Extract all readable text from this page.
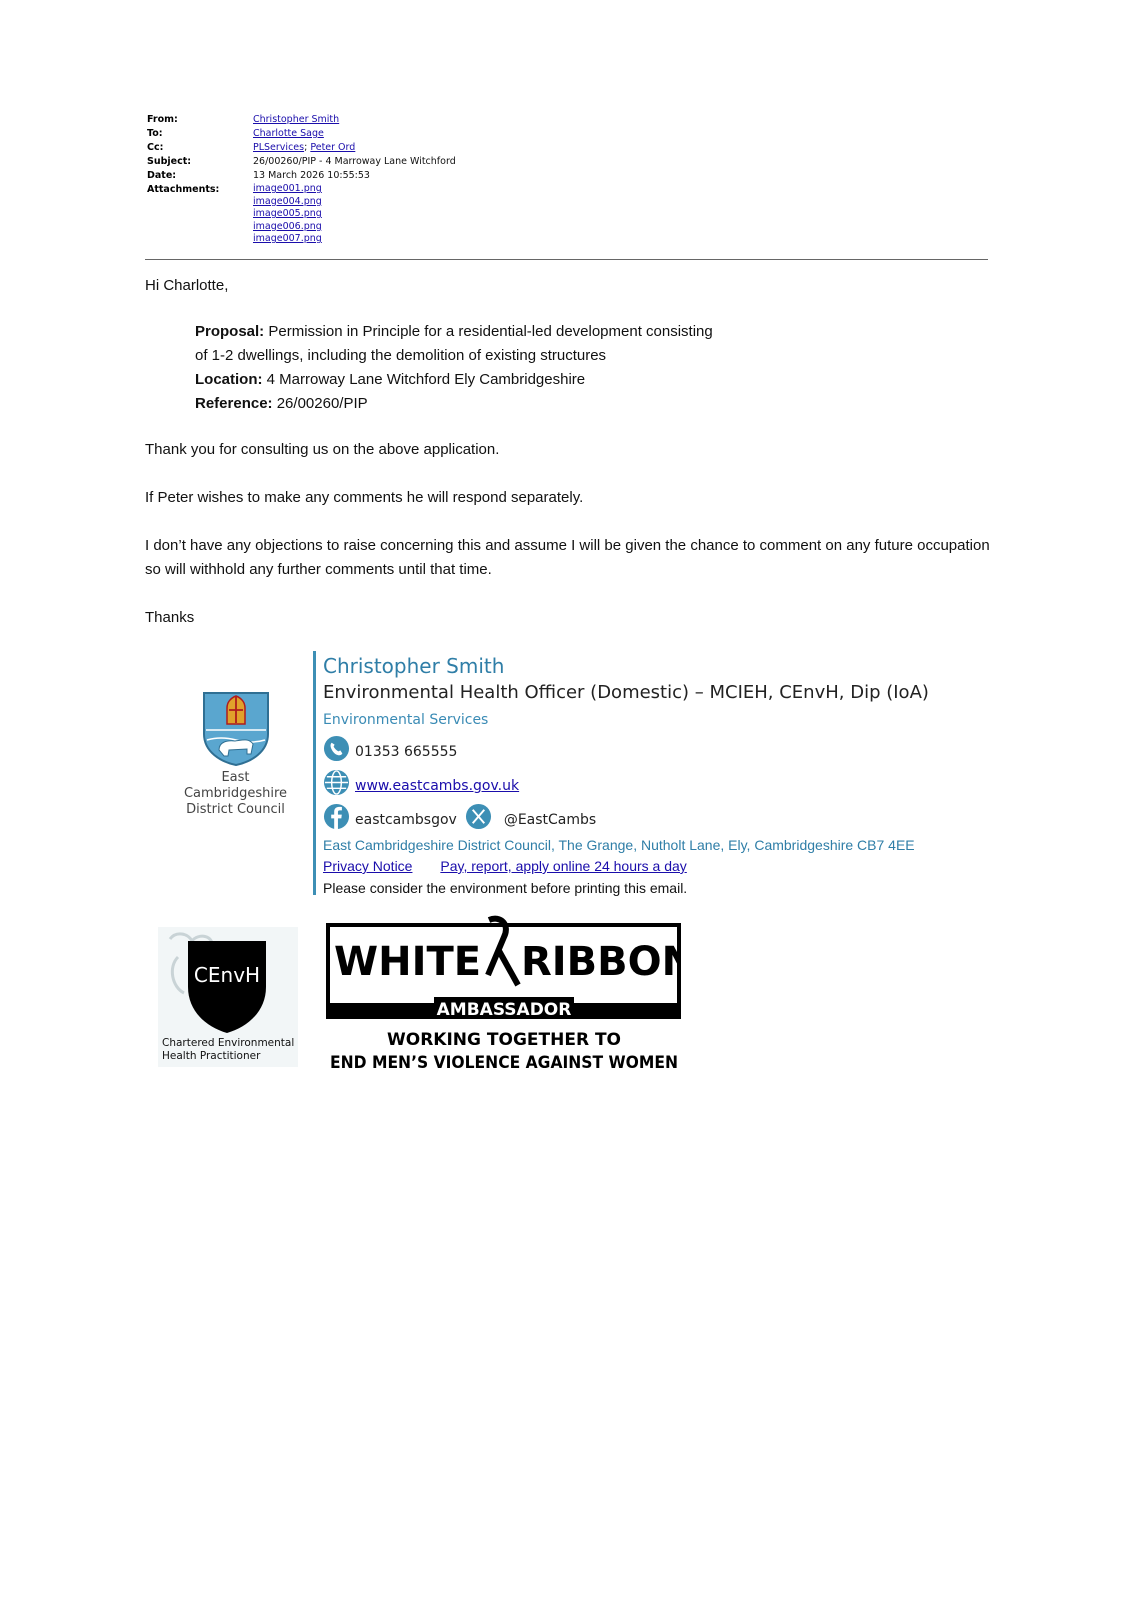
From:	Christopher Smith
To:	Charlotte Sage
Cc:	PLServices; Peter Ord
Subject:	26/00260/PIP - 4 Marroway Lane Witchford
Date:	13 March 2026 10:55:53
Attachments:	image001.png
image004.png
image005.png
image006.png
image007.png
Hi Charlotte,
Proposal: Permission in Principle for a residential-led development consisting
of 1-2 dwellings, including the demolition of existing structures
Location: 4 Marroway Lane Witchford Ely Cambridgeshire
Reference: 26/00260/PIP
Thank you for consulting us on the above application.
If Peter wishes to make any comments he will respond separately.
I don’t have any objections to raise concerning this and assume I will be given the chance to comment on any future occupation
so will withhold any further comments until that time.
Thanks
East Cambridgeshire
District Council
Christopher Smith
Environmental Health Officer (Domestic) – MCIEH, CEnvH, Dip (IoA)
Environmental Services
01353 665555
www.eastcambs.gov.uk
eastcambsgov	@EastCambs
East Cambridgeshire District Council, The Grange, Nutholt Lane, Ely, Cambridgeshire CB7 4EE
Privacy Notice Pay, report, apply online 24 hours a day
Please consider the environment before printing this email.
CEnvH
Chartered Environmental
Health Practitioner
WHITE RIBBON
AMBASSADOR
WORKING TOGETHER TO
END MEN’S VIOLENCE AGAINST WOMEN
